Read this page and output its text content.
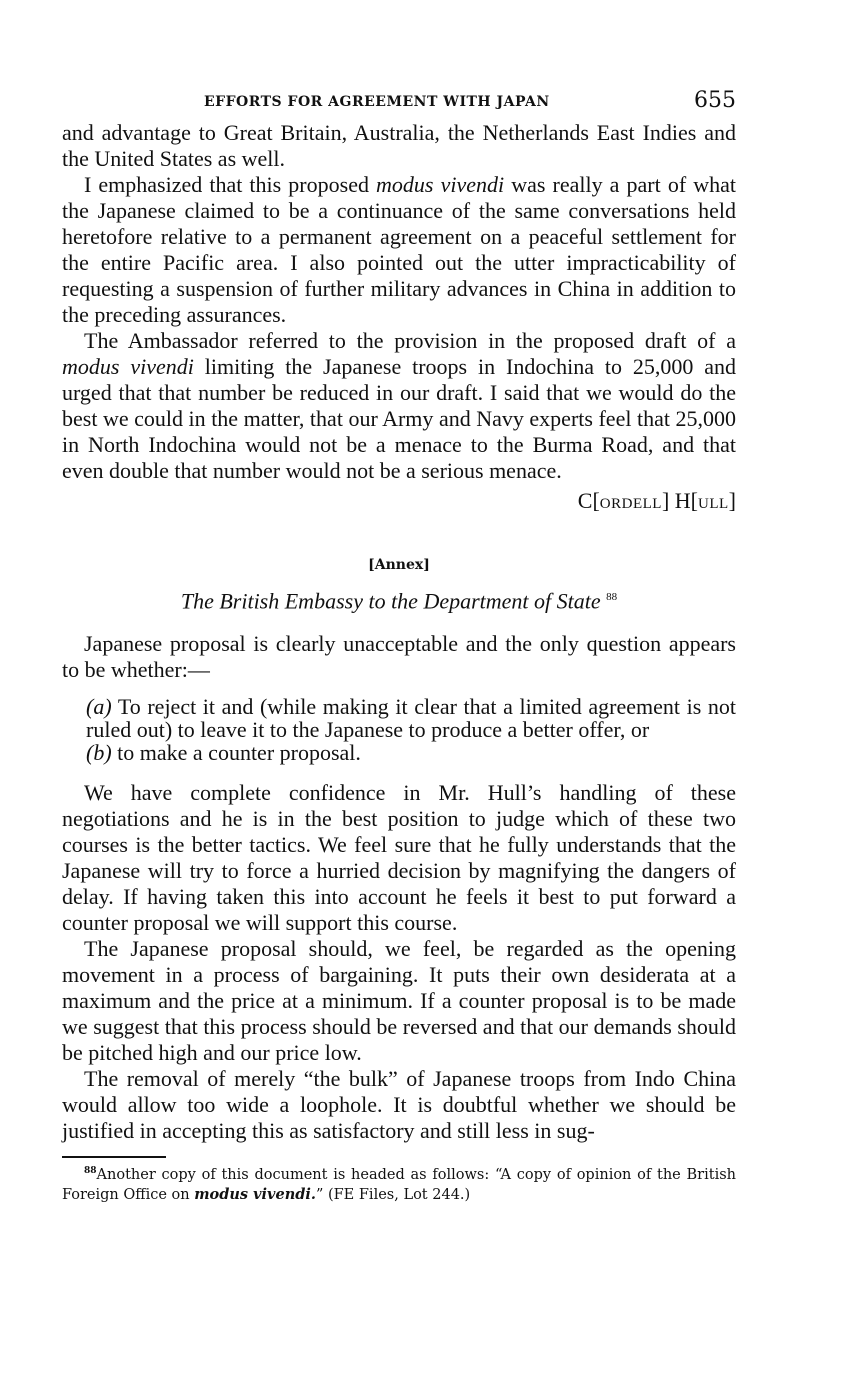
EFFORTS FOR AGREEMENT WITH JAPAN	655

and advantage to Great Britain, Australia, the Netherlands East Indies and the United States as well.

I emphasized that this proposed modus vivendi was really a part of what the Japanese claimed to be a continuance of the same conversations held heretofore relative to a permanent agreement on a peaceful settlement for the entire Pacific area. I also pointed out the utter impracticability of requesting a suspension of further military advances in China in addition to the preceding assurances.

The Ambassador referred to the provision in the proposed draft of a modus vivendi limiting the Japanese troops in Indochina to 25,000 and urged that that number be reduced in our draft. I said that we would do the best we could in the matter, that our Army and Navy experts feel that 25,000 in North Indochina would not be a menace to the Burma Road, and that even double that number would not be a serious menace.

C[ORDELL] H[ULL]
[Annex]
The British Embassy to the Department of State $^{88}$

Japanese proposal is clearly unacceptable and the only question appears to be whether:—

(a) To reject it and (while making it clear that a limited agreement is not ruled out) to leave it to the Japanese to produce a better offer, or

(b) to make a counter proposal.

We have complete confidence in Mr. Hull’s handling of these negotiations and he is in the best position to judge which of these two courses is the better tactics. We feel sure that he fully understands that the Japanese will try to force a hurried decision by magnifying the dangers of delay. If having taken this into account he feels it best to put forward a counter proposal we will support this course.

The Japanese proposal should, we feel, be regarded as the opening movement in a process of bargaining. It puts their own desiderata at a maximum and the price at a minimum. If a counter proposal is to be made we suggest that this process should be reversed and that our demands should be pitched high and our price low.

The removal of merely “the bulk” of Japanese troops from Indo China would allow too wide a loophole. It is doubtful whether we should be justified in accepting this as satisfactory and still less in sug-

$^{88}$Another copy of this document is headed as follows: “A copy of opinion of the British Foreign Office on modus vivendi.” (FE Files, Lot 244.)
